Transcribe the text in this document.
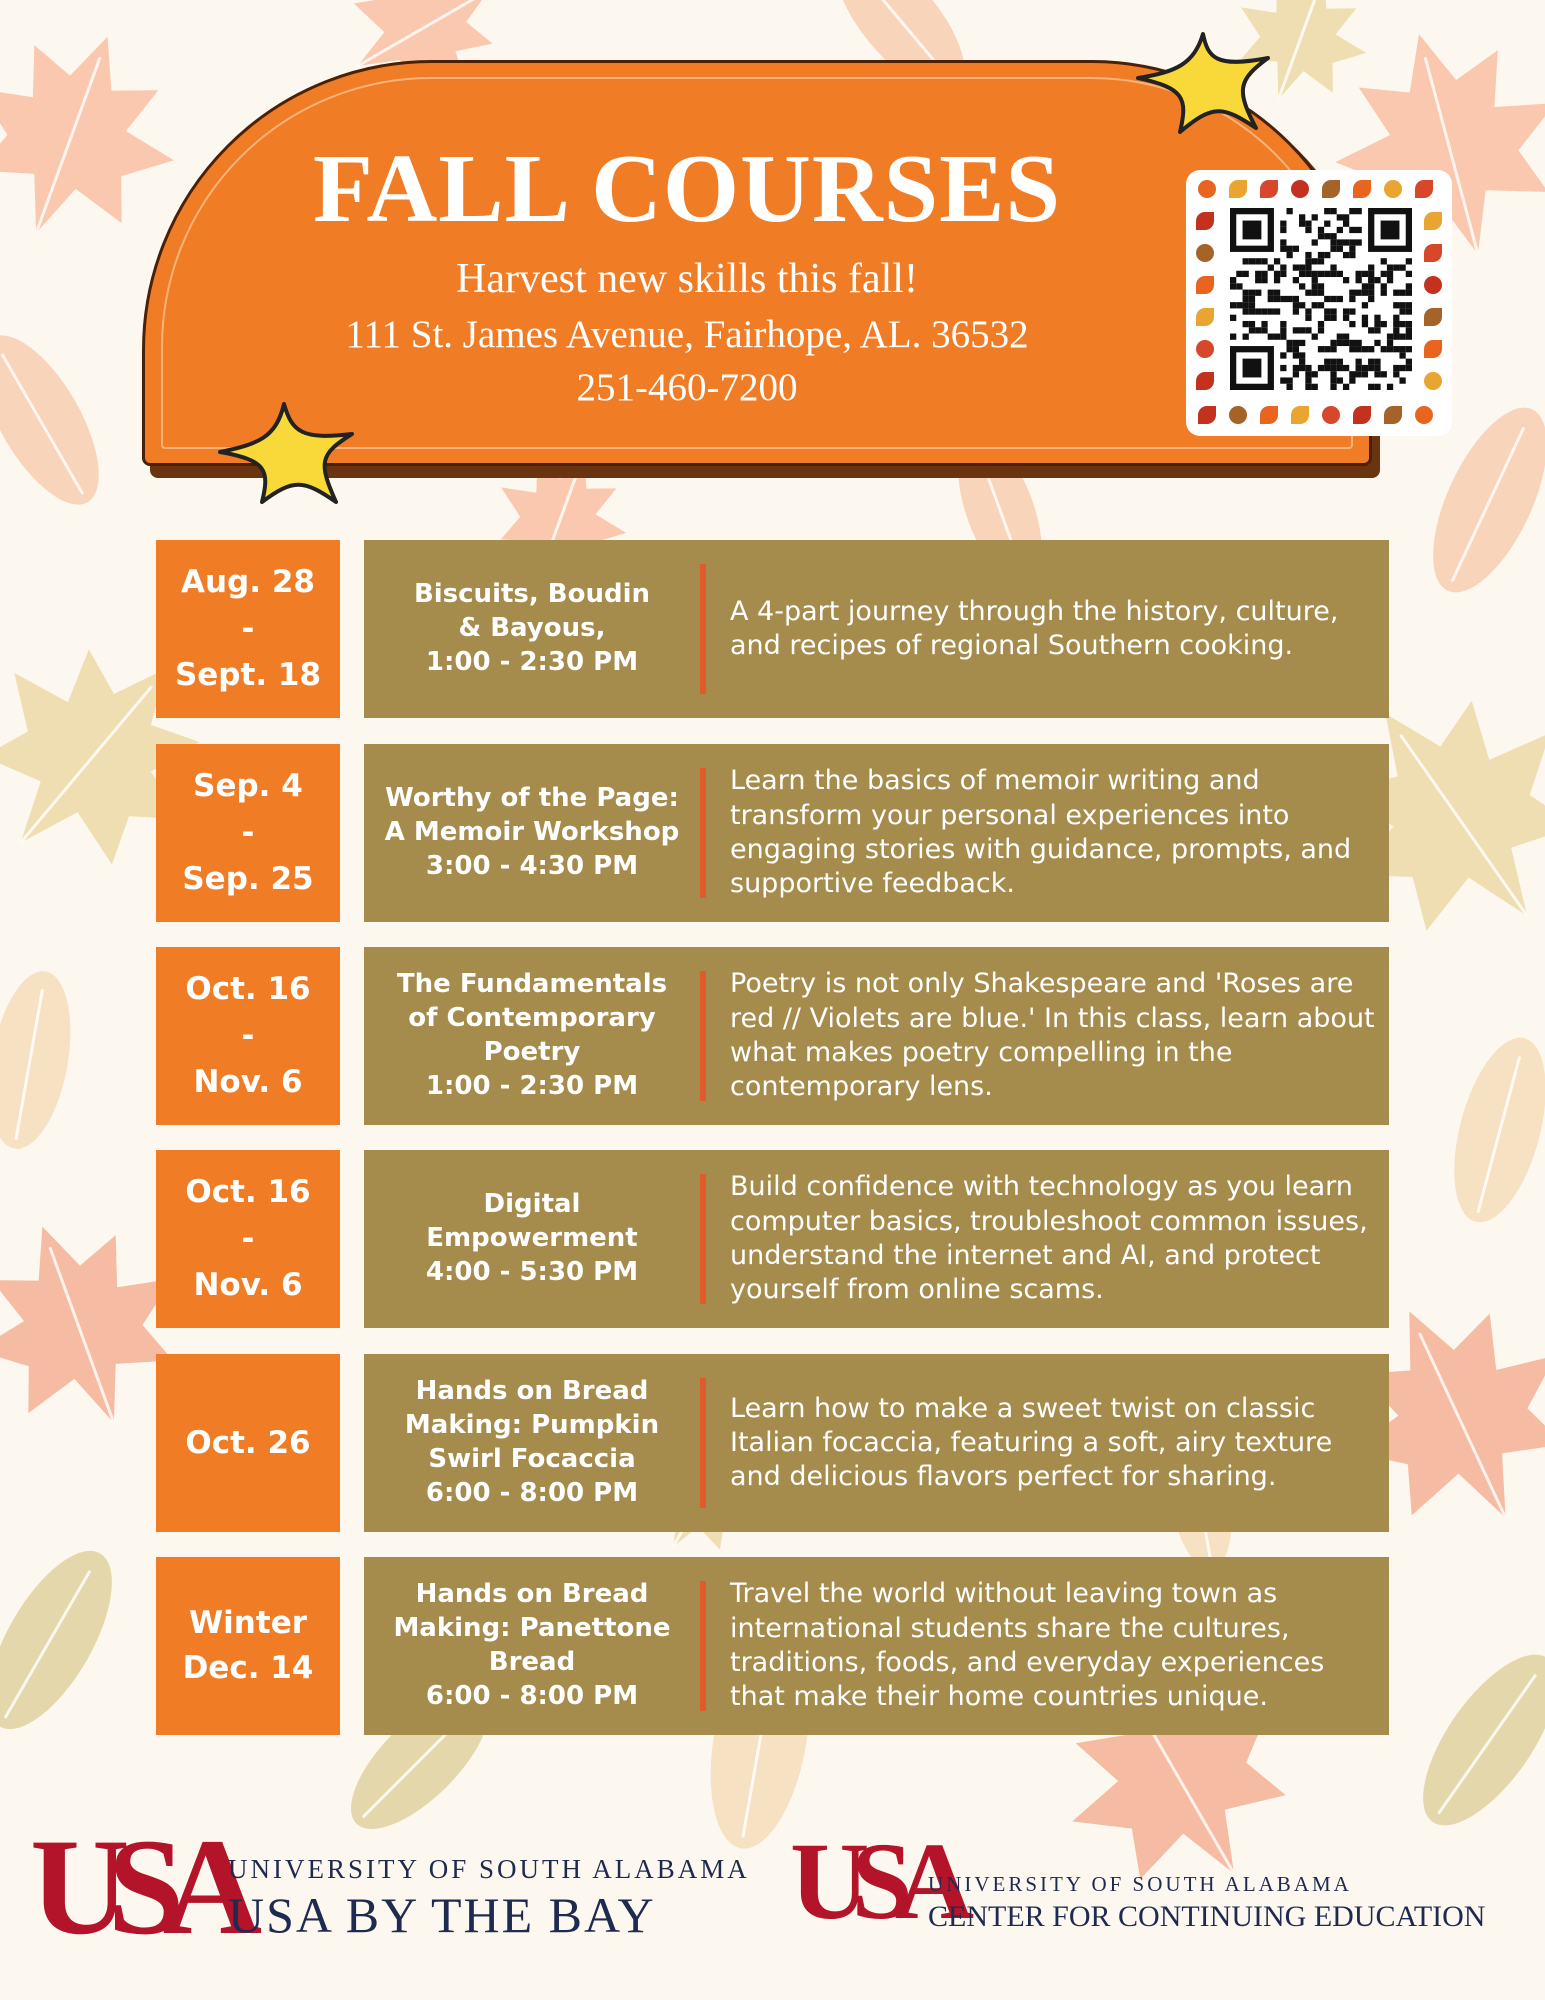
FALL COURSES
Harvest new skills this fall!
111 St. James Avenue, Fairhope, AL. 36532
251-460-7200
Aug. 28
-
Sept. 18
Biscuits, Boudin
& Bayous,
1:00 - 2:30 PM
A 4-part journey through the history, culture, and recipes of regional Southern cooking.
Sep. 4
-
Sep. 25
Worthy of the Page:
A Memoir Workshop
3:00 - 4:30 PM
Learn the basics of memoir writing and transform your personal experiences into engaging stories with guidance, prompts, and supportive feedback.
Oct. 16
-
Nov. 6
The Fundamentals
of Contemporary
Poetry
1:00 - 2:30 PM
Poetry is not only Shakespeare and 'Roses are red // Violets are blue.' In this class, learn about what makes poetry compelling in the contemporary lens.
Oct. 16
-
Nov. 6
Digital
Empowerment
4:00 - 5:30 PM
Build confidence with technology as you learn computer basics, troubleshoot common issues, understand the internet and AI, and protect yourself from online scams.
Oct. 26
Hands on Bread
Making: Pumpkin
Swirl Focaccia
6:00 - 8:00 PM
Learn how to make a sweet twist on classic Italian focaccia, featuring a soft, airy texture and delicious flavors perfect for sharing.
Winter
Dec. 14
Hands on Bread
Making: Panettone
Bread
6:00 - 8:00 PM
Travel the world without leaving town as international students share the cultures, traditions, foods, and everyday experiences that make their home countries unique.
USA
UNIVERSITY OF SOUTH ALABAMA
USA BY THE BAY USA
UNIVERSITY OF SOUTH ALABAMA
CENTER FOR CONTINUING EDUCATION
